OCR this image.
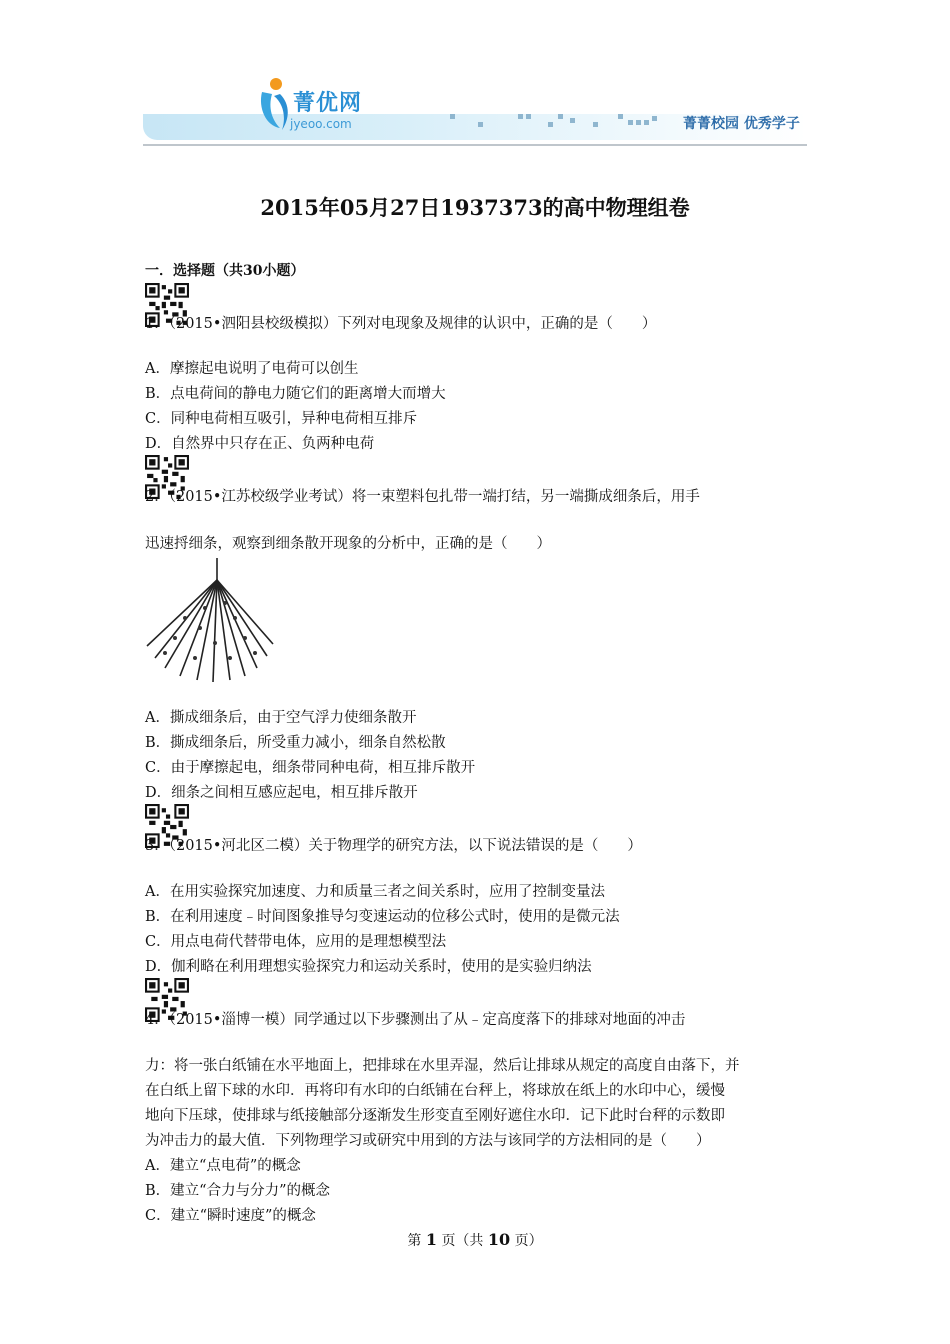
菁优网
jyeoo.com	菁菁校园 优秀学子
2015年05月27日1937373的高中物理组卷
一．选择题（共30小题）
1．（2015•泗阳县校级模拟）下列对电现象及规律的认识中，正确的是（　　）
A．摩擦起电说明了电荷可以创生
B．点电荷间的静电力随它们的距离增大而增大
C．同种电荷相互吸引，异种电荷相互排斥
D．自然界中只存在正、负两种电荷
2．（2015•江苏校级学业考试）将一束塑料包扎带一端打结，另一端撕成细条后，用手
迅速捋细条，观察到细条散开现象的分析中，正确的是（　　）
A．撕成细条后，由于空气浮力使细条散开
B．撕成细条后，所受重力减小，细条自然松散
C．由于摩擦起电，细条带同种电荷，相互排斥散开
D．细条之间相互感应起电，相互排斥散开
3．（2015•河北区二模）关于物理学的研究方法，以下说法错误的是（　　）
A．在用实验探究加速度、力和质量三者之间关系时，应用了控制变量法
B．在利用速度﹣时间图象推导匀变速运动的位移公式时，使用的是微元法
C．用点电荷代替带电体，应用的是理想模型法
D．伽利略在利用理想实验探究力和运动关系时，使用的是实验归纳法
4．（2015•淄博一模）同学通过以下步骤测出了从﹣定高度落下的排球对地面的冲击
力：将一张白纸铺在水平地面上，把排球在水里弄湿，然后让排球从规定的高度自由落下，并
在白纸上留下球的水印．再将印有水印的白纸铺在台秤上，将球放在纸上的水印中心，缓慢
地向下压球，使排球与纸接触部分逐渐发生形变直至刚好遮住水印．记下此时台秤的示数即
为冲击力的最大值．下列物理学习或研究中用到的方法与该同学的方法相同的是（　　）
A．建立“点电荷”的概念
B．建立“合力与分力”的概念
C．建立“瞬时速度”的概念
第 1 页（共 10 页）
